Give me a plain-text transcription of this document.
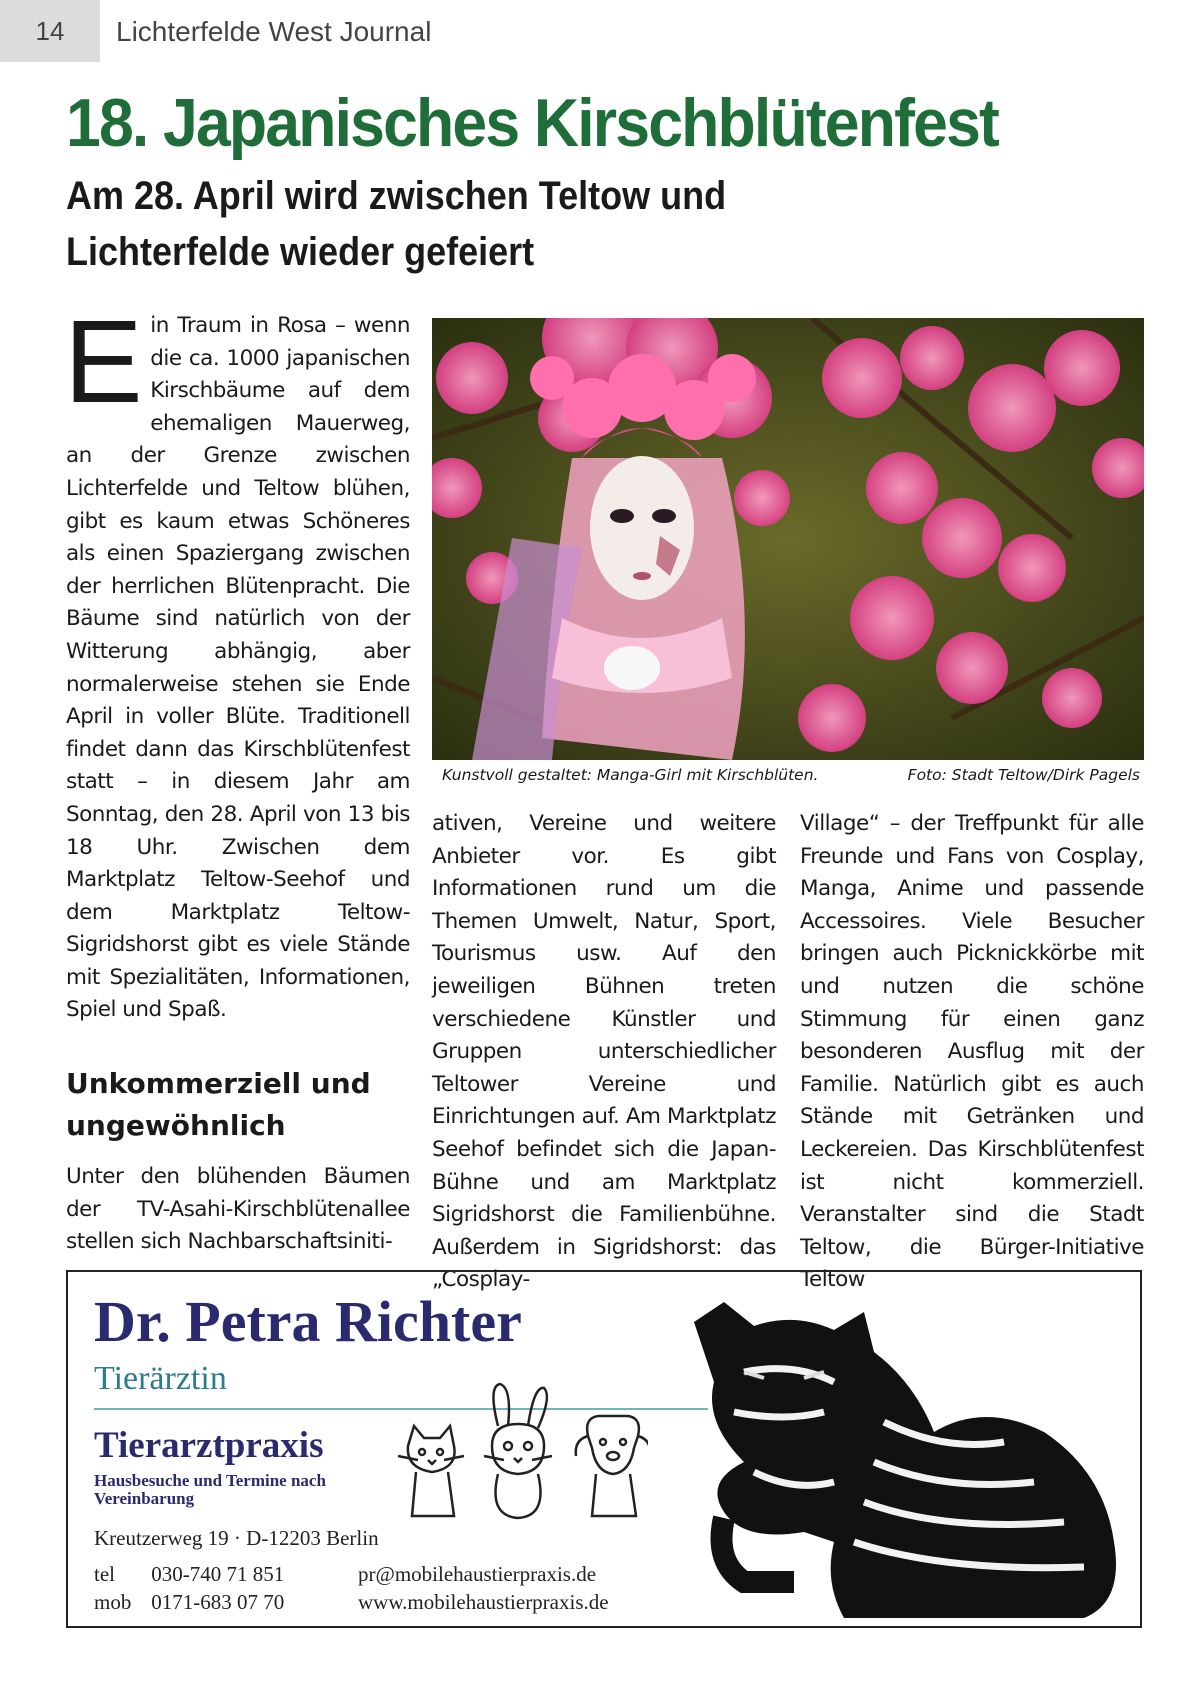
14	Lichterfelde West Journal
18. Japanisches Kirschblütenfest
Am 28. April wird zwischen Teltow und Lichterfelde wieder gefeiert
E in Traum in Rosa – wenn die ca. 1000 japanischen Kirschbäume auf dem ehemaligen Mauerweg, an der Grenze zwischen Lichterfelde und Teltow blühen, gibt es kaum etwas Schöneres als einen Spaziergang zwischen der herrlichen Blütenpracht. Die Bäume sind natürlich von der Witterung abhängig, aber normalerweise stehen sie Ende April in voller Blüte. Traditionell findet dann das Kirschblütenfest statt – in diesem Jahr am Sonntag, den 28. April von 13 bis 18 Uhr. Zwischen dem Marktplatz Teltow-Seehof und dem Marktplatz Teltow-Sigridshorst gibt es viele Stände mit Spezialitäten, Informationen, Spiel und Spaß.
Unkommerziell und ungewöhnlich
Unter den blühenden Bäumen der TV-Asahi-Kirschblütenallee stellen sich Nachbarschaftsiniti-
Kunstvoll gestaltet: Manga-Girl mit Kirschblüten.	Foto: Stadt Teltow/Dirk Pagels
ativen, Vereine und weitere Anbieter vor. Es gibt Informationen rund um die Themen Umwelt, Natur, Sport, Tourismus usw. Auf den jeweiligen Bühnen treten verschiedene Künstler und Gruppen unterschiedlicher Teltower Vereine und Einrichtungen auf. Am Marktplatz Seehof befindet sich die Japan-Bühne und am Marktplatz Sigridshorst die Familienbühne. Außerdem in Sigridshorst: das „Cosplay-
Village“ – der Treffpunkt für alle Freunde und Fans von Cosplay, Manga, Anime und passende Accessoires. Viele Besucher bringen auch Picknickkörbe mit und nutzen die schöne Stimmung für einen ganz besonderen Ausflug mit der Familie. Natürlich gibt es auch Stände mit Getränken und Leckereien. Das Kirschblütenfest ist nicht kommerziell. Veranstalter sind die Stadt Teltow, die Bürger-Initiative Teltow
Dr. Petra Richter
Tierärztin
Tierarztpraxis
Hausbesuche und Termine nach Vereinbarung
Kreutzerweg 19 · D-12203 Berlin
tel 030-740 71 851
mob 0171-683 07 70
pr@mobilehaustierpraxis.de
www.mobilehaustierpraxis.de
